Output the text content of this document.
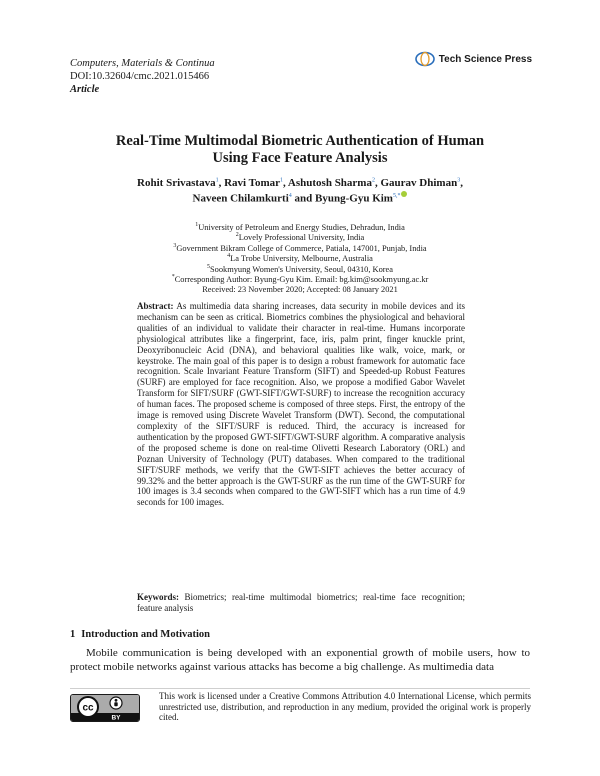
Computers, Materials & Continua
DOI:10.32604/cmc.2021.015466
Article
Tech Science Press
Real-Time Multimodal Biometric Authentication of Human
Using Face Feature Analysis
Rohit Srivastava$^1$, Ravi Tomar$^1$, Ashutosh Sharma$^2$, Gaurav Dhiman$^3$,
Naveen Chilamkurti$^4$ and Byung-Gyu Kim$^{5,*}$
$^1$University of Petroleum and Energy Studies, Dehradun, India
$^2$Lovely Professional University, India
$^3$Government Bikram College of Commerce, Patiala, 147001, Punjab, India
$^4$La Trobe University, Melbourne, Australia
$^5$Sookmyung Women's University, Seoul, 04310, Korea
*Corresponding Author: Byung-Gyu Kim. Email: bg.kim@sookmyung.ac.kr
Received: 23 November 2020; Accepted: 08 January 2021
Abstract: As multimedia data sharing increases, data security in mobile devices and its mechanism can be seen as critical. Biometrics combines the physiological and behavioral qualities of an individual to validate their character in real-time. Humans incorporate physiological attributes like a fingerprint, face, iris, palm print, finger knuckle print, Deoxyribonucleic Acid (DNA), and behavioral qualities like walk, voice, mark, or keystroke. The main goal of this paper is to design a robust framework for automatic face recognition. Scale Invariant Feature Transform (SIFT) and Speeded-up Robust Features (SURF) are employed for face recognition. Also, we propose a modified Gabor Wavelet Transform for SIFT/SURF (GWT-SIFT/GWT-SURF) to increase the recognition accuracy of human faces. The proposed scheme is composed of three steps. First, the entropy of the image is removed using Discrete Wavelet Transform (DWT). Second, the computational complexity of the SIFT/SURF is reduced. Third, the accuracy is increased for authentication by the proposed GWT-SIFT/GWT-SURF algorithm. A comparative analysis of the proposed scheme is done on real-time Olivetti Research Laboratory (ORL) and Poznan University of Technology (PUT) databases. When compared to the traditional SIFT/SURF methods, we verify that the GWT-SIFT achieves the better accuracy of 99.32% and the better approach is the GWT-SURF as the run time of the GWT-SURF for 100 images is 3.4 seconds when compared to the GWT-SIFT which has a run time of 4.9 seconds for 100 images.
Keywords: Biometrics; real-time multimodal biometrics; real-time face recognition; feature analysis
1 Introduction and Motivation
Mobile communication is being developed with an exponential growth of mobile users, how to protect mobile networks against various attacks has become a big challenge. As multimedia data
cc
BY
This work is licensed under a Creative Commons Attribution 4.0 International License, which permits unrestricted use, distribution, and reproduction in any medium, provided the original work is properly cited.
